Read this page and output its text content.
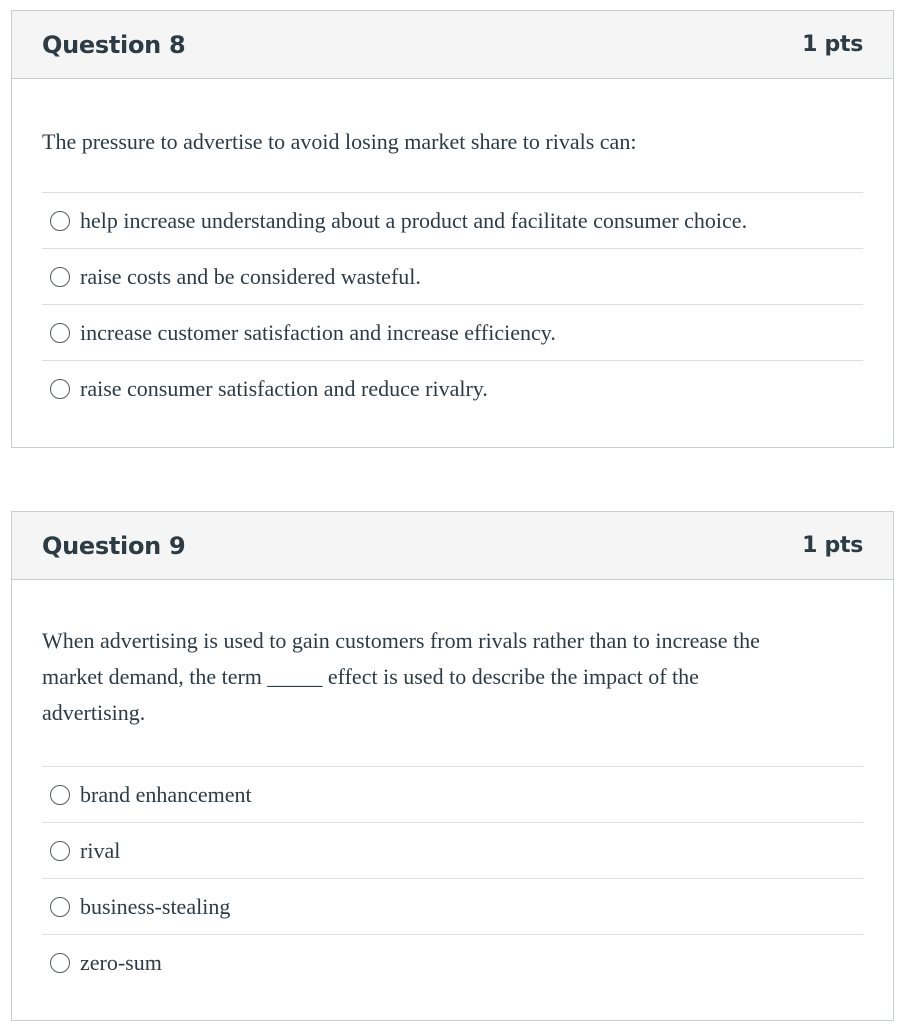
Question 8	1 pts
The pressure to advertise to avoid losing market share to rivals can:
help increase understanding about a product and facilitate consumer choice.
raise costs and be considered wasteful.
increase customer satisfaction and increase efficiency.
raise consumer satisfaction and reduce rivalry.
Question 9	1 pts
When advertising is used to gain customers from rivals rather than to increase the
market demand, the term _____ effect is used to describe the impact of the
advertising.
brand enhancement
rival
business-stealing
zero-sum
